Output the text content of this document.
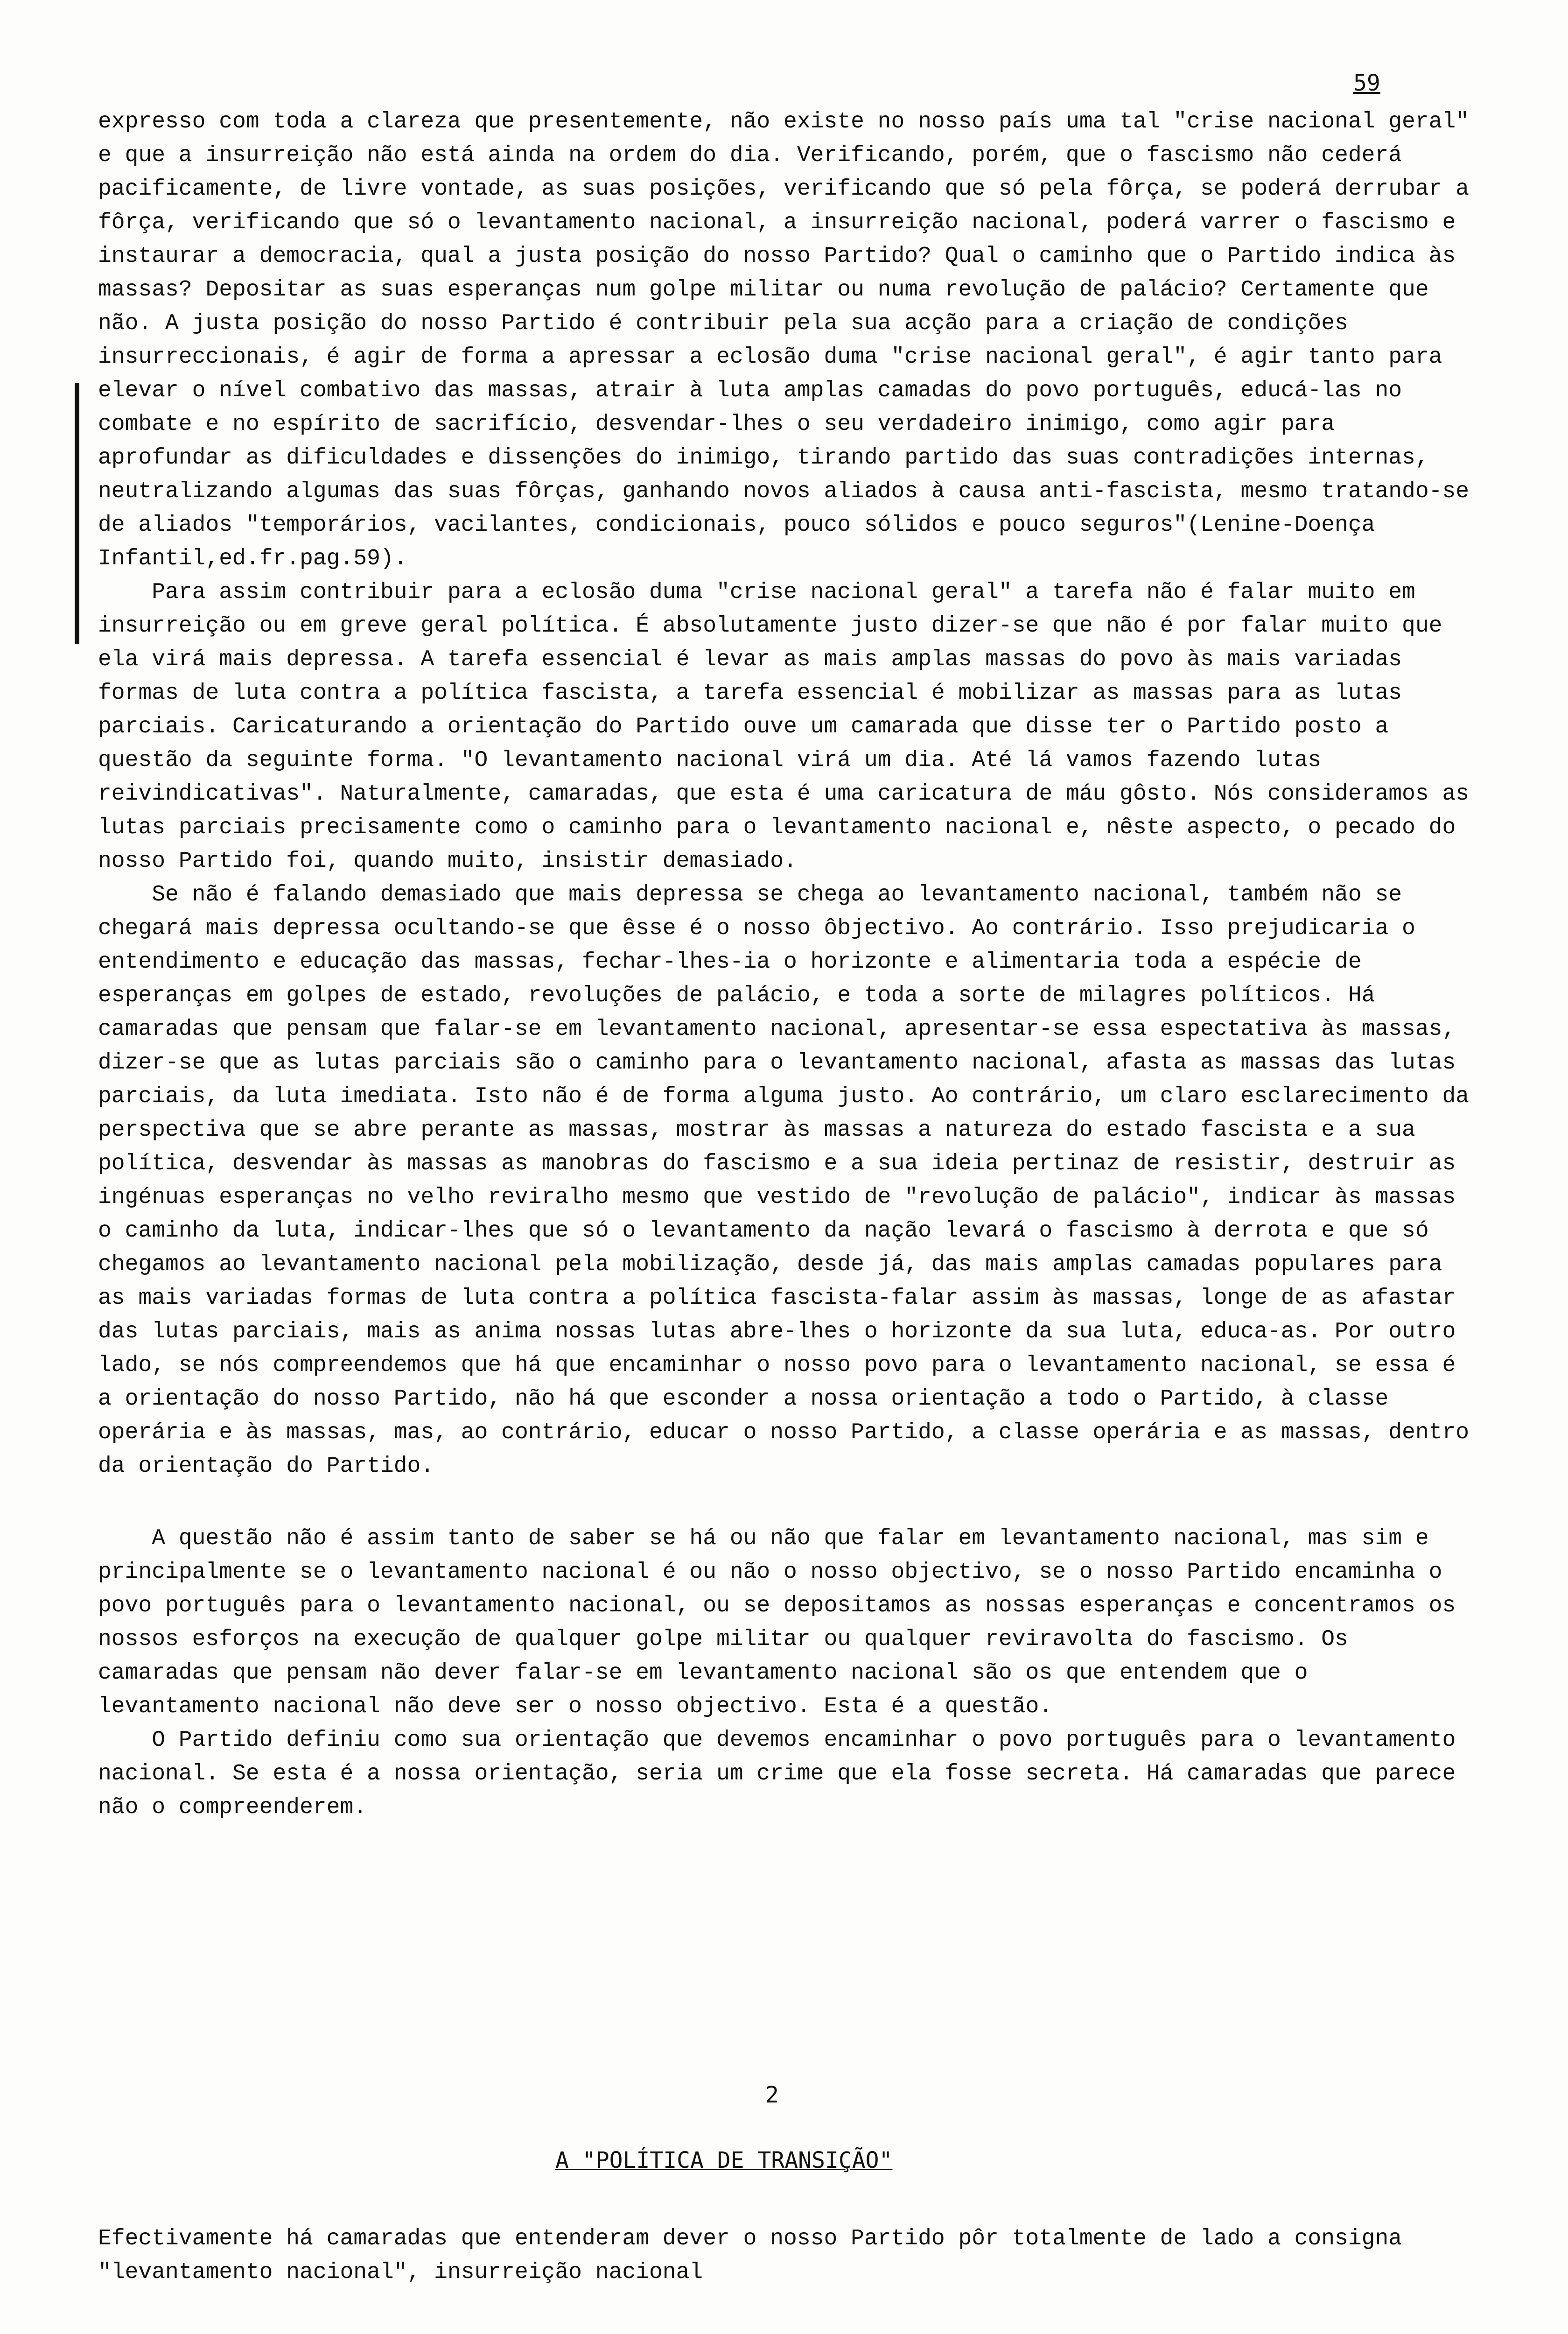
59
expresso com toda a clareza que presentemente, não existe no nosso país uma tal "crise nacional geral" e que a insurreição não está ainda na ordem do dia. Verificando, porém, que o fascismo não cederá pacificamente, de livre vontade, as suas posições, verificando que só pela fôrça, se poderá derrubar a fôrça, verificando que só o levantamento nacional, a insurreição nacional, poderá varrer o fascismo e instaurar a democracia, qual a justa posição do nosso Partido? Qual o caminho que o Partido indica às massas? Depositar as suas esperanças num golpe militar ou numa revolução de palácio? Certamente que não. A justa posição do nosso Partido é contribuir pela sua acção para a criação de condições insurreccionais, é agir de forma a apressar a eclosão duma "crise nacional geral", é agir tanto para elevar o nível combativo das massas, atrair à luta amplas camadas do povo português, educá-las no combate e no espírito de sacrifício, desvendar-lhes o seu verdadeiro inimigo, como agir para aprofundar as dificuldades e dissenções do inimigo, tirando partido das suas contradições internas, neutralizando algumas das suas fôrças, ganhando novos aliados à causa anti-fascista, mesmo tratando-se de aliados "temporários, vacilantes, condicionais, pouco sólidos e pouco seguros"(Lenine-Doença Infantil,ed.fr.pag.59).
Para assim contribuir para a eclosão duma "crise nacional geral" a tarefa não é falar muito em insurreição ou em greve geral política. É absolutamente justo dizer-se que não é por falar muito que ela virá mais depressa. A tarefa essencial é levar as mais amplas massas do povo às mais variadas formas de luta contra a política fascista, a tarefa essencial é mobilizar as massas para as lutas parciais. Caricaturando a orientação do Partido ouve um camarada que disse ter o Partido posto a questão da seguinte forma. "O levantamento nacional virá um dia. Até lá vamos fazendo lutas reivindicativas". Naturalmente, camaradas, que esta é uma caricatura de máu gôsto. Nós consideramos as lutas parciais precisamente como o caminho para o levantamento nacional e, nêste aspecto, o pecado do nosso Partido foi, quando muito, insistir demasiado.
Se não é falando demasiado que mais depressa se chega ao levantamento nacional, também não se chegará mais depressa ocultando-se que êsse é o nosso ôbjectivo. Ao contrário. Isso prejudicaria o entendimento e educação das massas, fechar-lhes-ia o horizonte e alimentaria toda a espécie de esperanças em golpes de estado, revoluções de palácio, e toda a sorte de milagres políticos. Há camaradas que pensam que falar-se em levantamento nacional, apresentar-se essa espectativa às massas, dizer-se que as lutas parciais são o caminho para o levantamento nacional, afasta as massas das lutas parciais, da luta imediata. Isto não é de forma alguma justo. Ao contrário, um claro esclarecimento da perspectiva que se abre perante as massas, mostrar às massas a natureza do estado fascista e a sua política, desvendar às massas as manobras do fascismo e a sua ideia pertinaz de resistir, destruir as ingénuas esperanças no velho reviralho mesmo que vestido de "revolução de palácio", indicar às massas o caminho da luta, indicar-lhes que só o levantamento da nação levará o fascismo à derrota e que só chegamos ao levantamento nacional pela mobilização, desde já, das mais amplas camadas populares para as mais variadas formas de luta contra a política fascista-falar assim às massas, longe de as afastar das lutas parciais, mais as anima nossas lutas abre-lhes o horizonte da sua luta, educa-as. Por outro lado, se nós compreendemos que há que encaminhar o nosso povo para o levantamento nacional, se essa é a orientação do nosso Partido, não há que esconder a nossa orientação a todo o Partido, à classe operária e às massas, mas, ao contrário, educar o nosso Partido, a classe operária e as massas, dentro da orientação do Partido.
A questão não é assim tanto de saber se há ou não que falar em levantamento nacional, mas sim e principalmente se o levantamento nacional é ou não o nosso objectivo, se o nosso Partido encaminha o povo português para o levantamento nacional, ou se depositamos as nossas esperanças e concentramos os nossos esforços na execução de qualquer golpe militar ou qualquer reviravolta do fascismo. Os camaradas que pensam não dever falar-se em levantamento nacional são os que entendem que o levantamento nacional não deve ser o nosso objectivo. Esta é a questão.
O Partido definiu como sua orientação que devemos encaminhar o povo português para o levantamento nacional. Se esta é a nossa orientação, seria um crime que ela fosse secreta. Há camaradas que parece não o compreenderem.
2
A "POLÍTICA DE TRANSIÇÃO"
Efectivamente há camaradas que entenderam dever o nosso Partido pôr totalmente de lado a consigna "levantamento nacional", insurreição nacional
